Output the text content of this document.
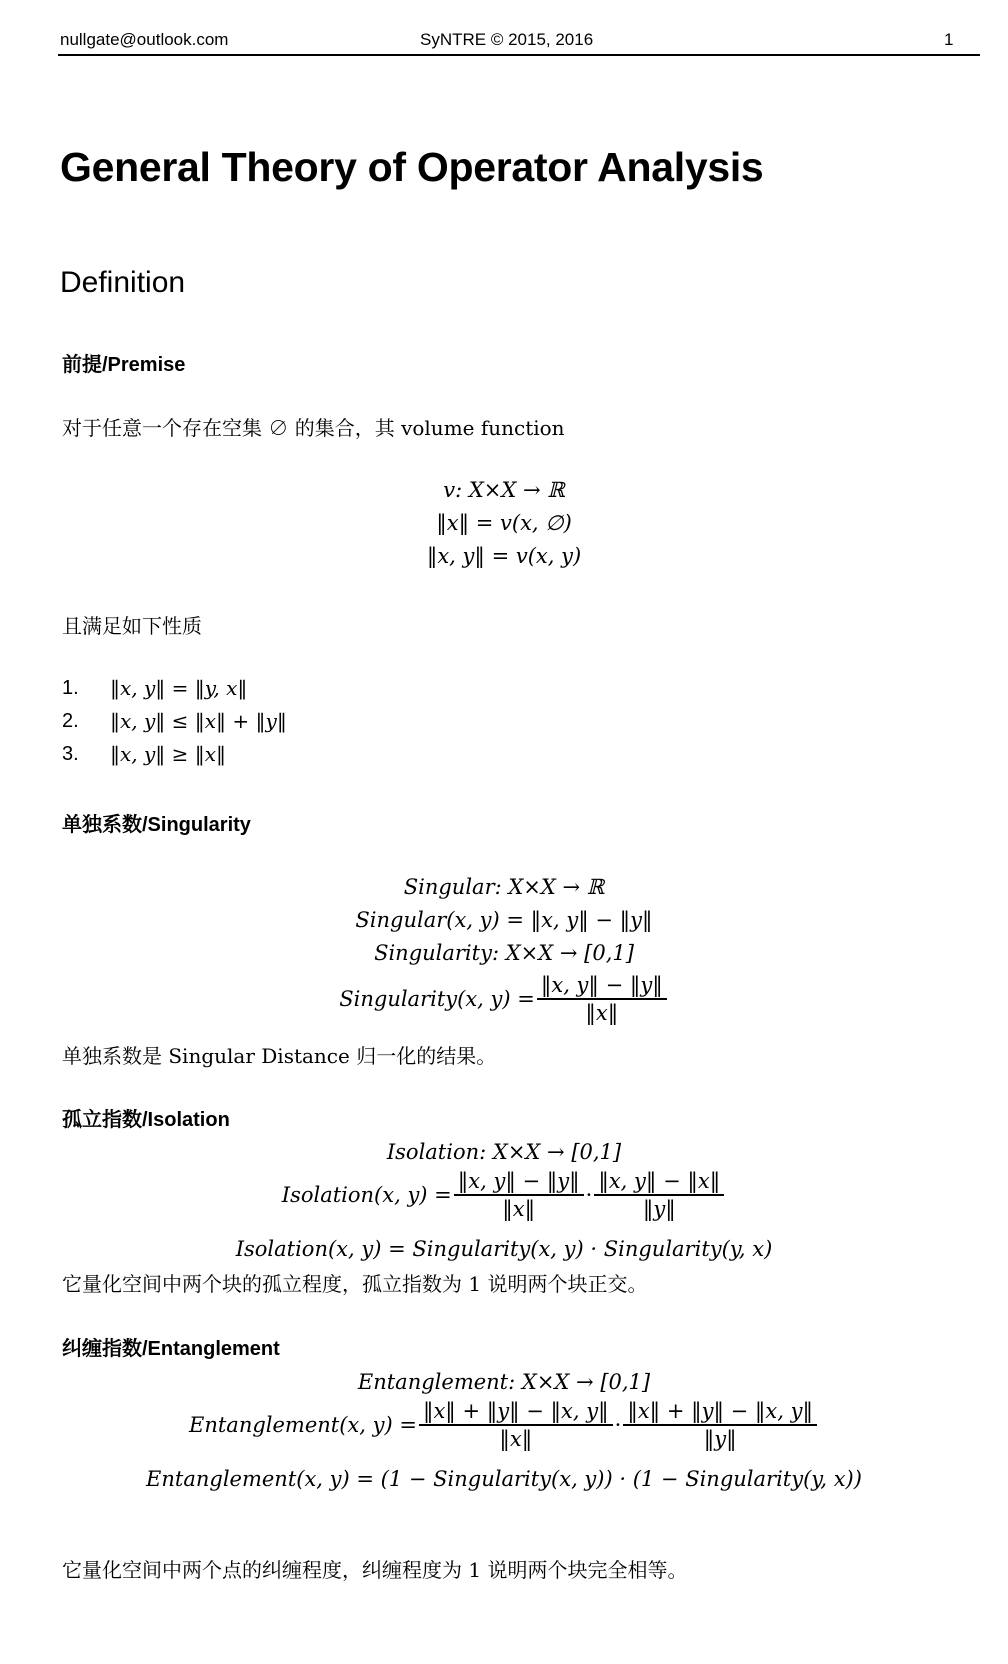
nullgate@outlook.com	SyNTRE © 2015, 2016	1
General Theory of Operator Analysis
Definition
前提/Premise
对于任意一个存在空集 ∅ 的集合，其 volume function
v: X×X → ℝ
‖x‖ = v(x, ∅)
‖x, y‖ = v(x, y)
且满足如下性质
1.	‖x, y‖ = ‖y, x‖
2.	‖x, y‖ ≤ ‖x‖ + ‖y‖
3.	‖x, y‖ ≥ ‖x‖
单独系数/Singularity
Singular: X×X → ℝ
Singular(x, y) = ‖x, y‖ − ‖y‖
Singularity: X×X → [0,1]
Singularity(x, $y) = \frac{‖x, y‖ - ‖y‖}{‖x‖}$
单独系数是 Singular Distance 归一化的结果。
孤立指数/Isolation
Isolation: X×X → [0,1]
Isolation(x, $y) = \frac{‖x, y‖ - ‖y‖}{‖x‖} \cdot \frac{‖x, y‖ - ‖x‖}{‖y‖}$
Isolation(x, y) = Singularity(x, y) · Singularity(y, x)
它量化空间中两个块的孤立程度，孤立指数为 1 说明两个块正交。
纠缠指数/Entanglement
Entanglement: X×X → [0,1]
Entanglement(x, $y) = \frac{‖x‖ + ‖y‖ - ‖x, y‖}{‖x‖} \cdot \frac{‖x‖ + ‖y‖ - ‖x, y‖}{‖y‖}$
Entanglement(x, y) = (1 − Singularity(x, y)) · (1 − Singularity(y, x))
它量化空间中两个点的纠缠程度，纠缠程度为 1 说明两个块完全相等。
